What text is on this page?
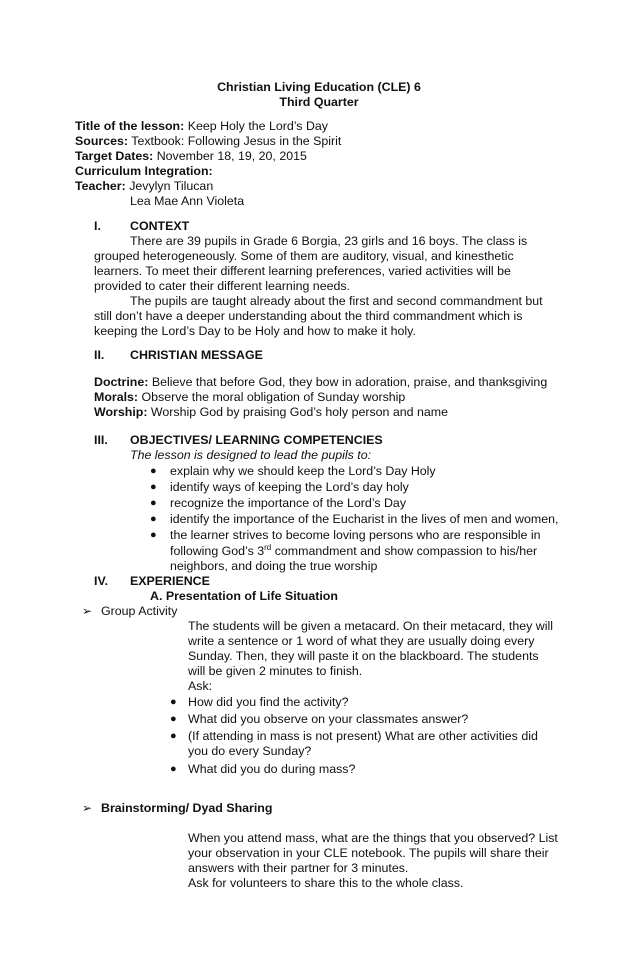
Christian Living Education (CLE) 6
Third Quarter
Title of the lesson: Keep Holy the Lord’s Day
Sources: Textbook: Following Jesus in the Spirit
Target Dates: November 18, 19, 20, 2015
Curriculum Integration:
Teacher: Jevylyn Tilucan
Lea Mae Ann Violeta
I. CONTEXT
There are 39 pupils in Grade 6 Borgia, 23 girls and 16 boys. The class is
grouped heterogeneously. Some of them are auditory, visual, and kinesthetic
learners. To meet their different learning preferences, varied activities will be
provided to cater their different learning needs.
The pupils are taught already about the first and second commandment but
still don’t have a deeper understanding about the third commandment which is
keeping the Lord’s Day to be Holy and how to make it holy.
II. CHRISTIAN MESSAGE
Doctrine: Believe that before God, they bow in adoration, praise, and thanksgiving
Morals: Observe the moral obligation of Sunday worship
Worship: Worship God by praising God’s holy person and name
III. OBJECTIVES/ LEARNING COMPETENCIES
The lesson is designed to lead the pupils to:
● explain why we should keep the Lord’s Day Holy
● identify ways of keeping the Lord’s day holy
● recognize the importance of the Lord’s Day
● identify the importance of the Eucharist in the lives of men and women,
● the learner strives to become loving persons who are responsible in
following God’s 3rd commandment and show compassion to his/her
neighbors, and doing the true worship
IV. EXPERIENCE
A. Presentation of Life Situation
➢ Group Activity
The students will be given a metacard. On their metacard, they will
write a sentence or 1 word of what they are usually doing every
Sunday. Then, they will paste it on the blackboard. The students
will be given 2 minutes to finish.
Ask:
● How did you find the activity?
● What did you observe on your classmates answer?
● (If attending in mass is not present) What are other activities did
you do every Sunday?
● What did you do during mass?
➢ Brainstorming/ Dyad Sharing
When you attend mass, what are the things that you observed? List
your observation in your CLE notebook. The pupils will share their
answers with their partner for 3 minutes.
Ask for volunteers to share this to the whole class.
